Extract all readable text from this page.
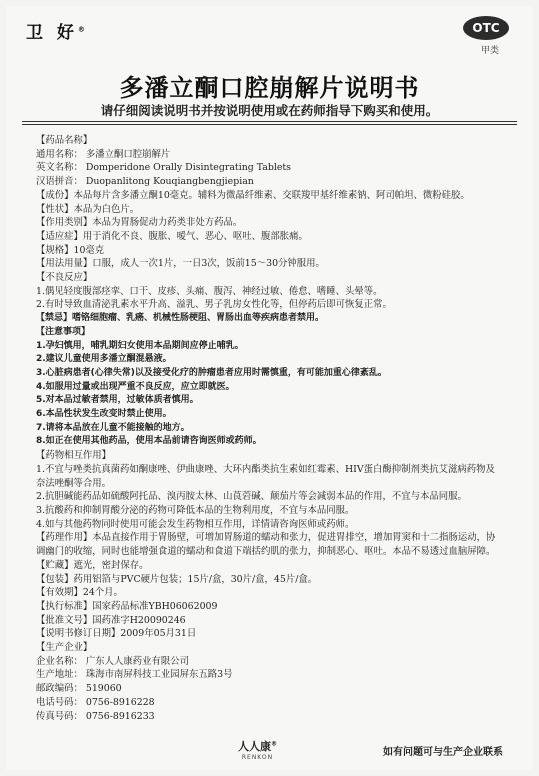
卫 好®	OTC
甲类
多潘立酮口腔崩解片说明书
请仔细阅读说明书并按说明使用或在药师指导下购买和使用。
【药品名称】
通用名称： 多潘立酮口腔崩解片
英文名称： Domperidone Orally Disintegrating Tablets
汉语拼音： Duopanlitong Kouqiangbengjiepian
【成份】本品每片含多潘立酮10毫克。辅料为微晶纤维素、交联羧甲基纤维素钠、阿司帕坦、微粉硅胶。
【性状】本品为白色片。
【作用类别】本品为胃肠促动力药类非处方药品。
【适应症】用于消化不良、腹胀、嗳气、恶心、呕吐、腹部胀痛。
【规格】10毫克
【用法用量】口服，成人一次1片，一日3次，饭前15～30分钟服用。
【不良反应】
1.偶见轻度腹部痉挛、口干、皮疹、头痛、腹泻、神经过敏、倦怠、嗜睡、头晕等。
2.有时导致血清泌乳素水平升高、溢乳、男子乳房女性化等，但停药后即可恢复正常。
【禁忌】嗜铬细胞瘤、乳癌、机械性肠梗阻、胃肠出血等疾病患者禁用。
【注意事项】
1.孕妇慎用，哺乳期妇女使用本品期间应停止哺乳。
2.建议儿童使用多潘立酮混悬液。
3.心脏病患者(心律失常)以及接受化疗的肿瘤患者应用时需慎重，有可能加重心律紊乱。
4.如服用过量或出现严重不良反应，应立即就医。
5.对本品过敏者禁用，过敏体质者慎用。
6.本品性状发生改变时禁止使用。
7.请将本品放在儿童不能接触的地方。
8.如正在使用其他药品，使用本品前请咨询医师或药师。
【药物相互作用】
1.不宜与唑类抗真菌药如酮康唑、伊曲康唑、大环内酯类抗生素如红霉素、HIV蛋白酶抑制剂类抗艾滋病药物及奈法唑酮等合用。
2.抗胆碱能药品如硫酸阿托品、溴丙胺太林、山莨菪碱、颠茄片等会减弱本品的作用，不宜与本品同服。
3.抗酸药和抑制胃酸分泌的药物可降低本品的生物利用度，不宜与本品同服。
4.如与其他药物同时使用可能会发生药物相互作用，详情请咨询医师或药师。
【药理作用】本品直接作用于胃肠壁，可增加胃肠道的蠕动和张力，促进胃排空，增加胃窦和十二指肠运动，协调幽门的收缩，同时也能增强食道的蠕动和食道下端括约肌的张力，抑制恶心、呕吐。本品不易透过血脑屏障。
【贮藏】遮光，密封保存。
【包装】药用铝箔与PVC硬片包装；15片/盒，30片/盒，45片/盒。
【有效期】24个月。
【执行标准】国家药品标准YBH06062009
【批准文号】国药准字H20090246
【说明书修订日期】2009年05月31日
【生产企业】
企业名称： 广东人人康药业有限公司
生产地址： 珠海市南屏科技工业园屏东五路3号
邮政编码： 519060
电话号码： 0756-8916228
传真号码： 0756-8916233
人人康®
RENKON	如有问题可与生产企业联系
